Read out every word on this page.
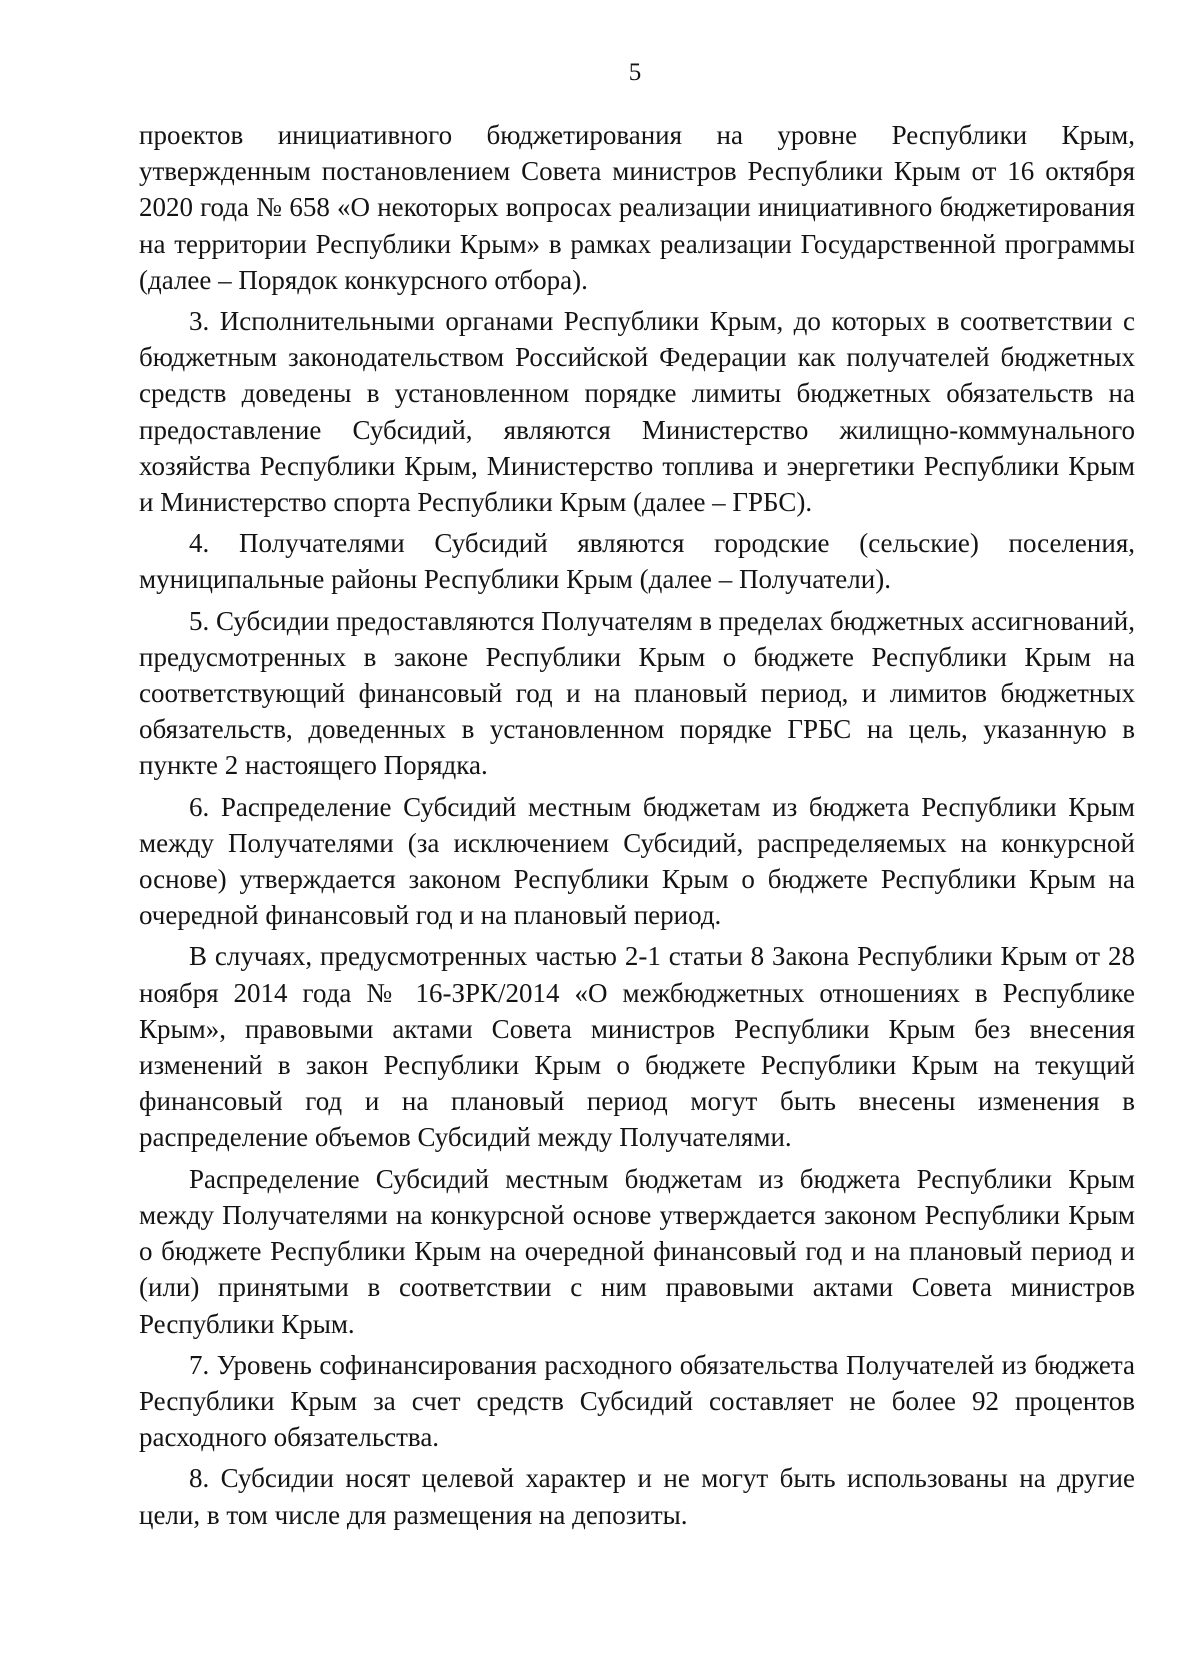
5

проектов инициативного бюджетирования на уровне Республики Крым, утвержденным постановлением Совета министров Республики Крым от 16 октября 2020 года № 658 «О некоторых вопросах реализации инициативного бюджетирования на территории Республики Крым» в рамках реализации Государственной программы (далее – Порядок конкурсного отбора).

3. Исполнительными органами Республики Крым, до которых в соответствии с бюджетным законодательством Российской Федерации как получателей бюджетных средств доведены в установленном порядке лимиты бюджетных обязательств на предоставление Субсидий, являются Министерство жилищно-коммунального хозяйства Республики Крым, Министерство топлива и энергетики Республики Крым и Министерство спорта Республики Крым (далее – ГРБС).

4. Получателями Субсидий являются городские (сельские) поселения, муниципальные районы Республики Крым (далее – Получатели).

5. Субсидии предоставляются Получателям в пределах бюджетных ассигнований, предусмотренных в законе Республики Крым о бюджете Республики Крым на соответствующий финансовый год и на плановый период, и лимитов бюджетных обязательств, доведенных в установленном порядке ГРБС на цель, указанную в пункте 2 настоящего Порядка.

6. Распределение Субсидий местным бюджетам из бюджета Республики Крым между Получателями (за исключением Субсидий, распределяемых на конкурсной основе) утверждается законом Республики Крым о бюджете Республики Крым на очередной финансовый год и на плановый период.

В случаях, предусмотренных частью 2-1 статьи 8 Закона Республики Крым от 28 ноября 2014 года № 16-ЗРК/2014 «О межбюджетных отношениях в Республике Крым», правовыми актами Совета министров Республики Крым без внесения изменений в закон Республики Крым о бюджете Республики Крым на текущий финансовый год и на плановый период могут быть внесены изменения в распределение объемов Субсидий между Получателями.

Распределение Субсидий местным бюджетам из бюджета Республики Крым между Получателями на конкурсной основе утверждается законом Республики Крым о бюджете Республики Крым на очередной финансовый год и на плановый период и (или) принятыми в соответствии с ним правовыми актами Совета министров Республики Крым.

7. Уровень софинансирования расходного обязательства Получателей из бюджета Республики Крым за счет средств Субсидий составляет не более 92 процентов расходного обязательства.

8. Субсидии носят целевой характер и не могут быть использованы на другие цели, в том числе для размещения на депозиты.
